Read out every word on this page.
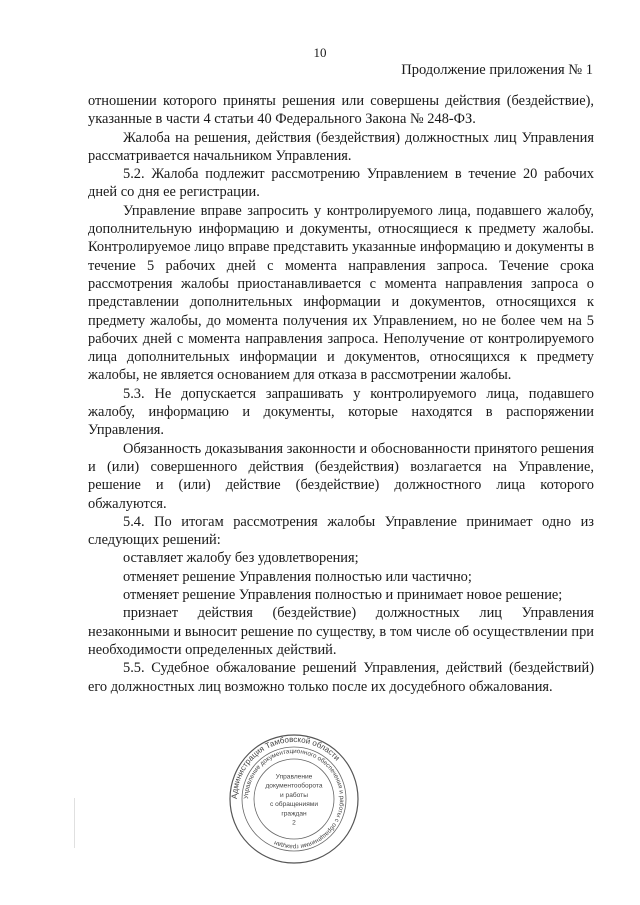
10
Продолжение приложения № 1

отношении которого приняты решения или совершены действия (бездействие), указанные в части 4 статьи 40 Федерального Закона № 248-ФЗ.

Жалоба на решения, действия (бездействия) должностных лиц Управления рассматривается начальником Управления.

5.2. Жалоба подлежит рассмотрению Управлением в течение 20 рабочих дней со дня ее регистрации.

Управление вправе запросить у контролируемого лица, подавшего жалобу, дополнительную информацию и документы, относящиеся к предмету жалобы. Контролируемое лицо вправе представить указанные информацию и документы в течение 5 рабочих дней с момента направления запроса. Течение срока рассмотрения жалобы приостанавливается с момента направления запроса о представлении дополнительных информации и документов, относящихся к предмету жалобы, до момента получения их Управлением, но не более чем на 5 рабочих дней с момента направления запроса. Неполучение от контролируемого лица дополнительных информации и документов, относящихся к предмету жалобы, не является основанием для отказа в рассмотрении жалобы.

5.3. Не допускается запрашивать у контролируемого лица, подавшего жалобу, информацию и документы, которые находятся в распоряжении Управления.

Обязанность доказывания законности и обоснованности принятого решения и (или) совершенного действия (бездействия) возлагается на Управление, решение и (или) действие (бездействие) должностного лица которого обжалуются.

5.4. По итогам рассмотрения жалобы Управление принимает одно из следующих решений:

оставляет жалобу без удовлетворения;

отменяет решение Управления полностью или частично;

отменяет решение Управления полностью и принимает новое решение;

признает действия (бездействие) должностных лиц Управления незаконными и выносит решение по существу, в том числе об осуществлении при необходимости определенных действий.

5.5. Судебное обжалование решений Управления, действий (бездействий) его должностных лиц возможно только после их досудебного обжалования.

Администрация Тамбовской области
Управление документационного обеспечения и работы с обращениями граждан
Управление
документооборота
и работы
с обращениями
граждан
2
